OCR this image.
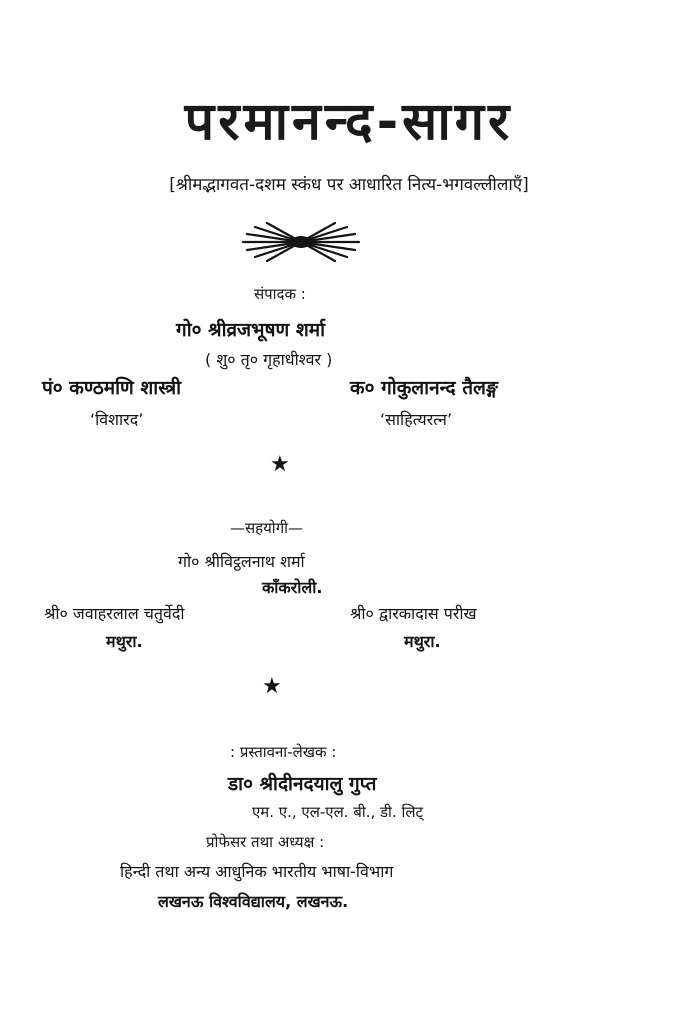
परमानन्द-सागर
[श्रीमद्भागवत-दशम स्कंध पर आधारित नित्य-भगवल्लीलाएँ]
संपादक :
गो० श्रीव्रजभूषण शर्मा
( शु० तृ० गृहाधीश्वर )
पं० कण्ठमणि शास्त्री
‘विशारद’
क० गोकुलानन्द तैलङ्ग
‘साहित्यरत्न’
★
—सहयोगी—
गो० श्रीविट्ठलनाथ शर्मा
काँकरोली.
श्री० जवाहरलाल चतुर्वेदी
मथुरा.
श्री० द्वारकादास परीख
मथुरा.
★
: प्रस्तावना-लेखक :
डा० श्रीदीनदयालु गुप्त
एम. ए., एल-एल. बी., डी. लिट्
प्रोफेसर तथा अध्यक्ष :
हिन्दी तथा अन्य आधुनिक भारतीय भाषा-विभाग
लखनऊ विश्वविद्यालय, लखनऊ.
